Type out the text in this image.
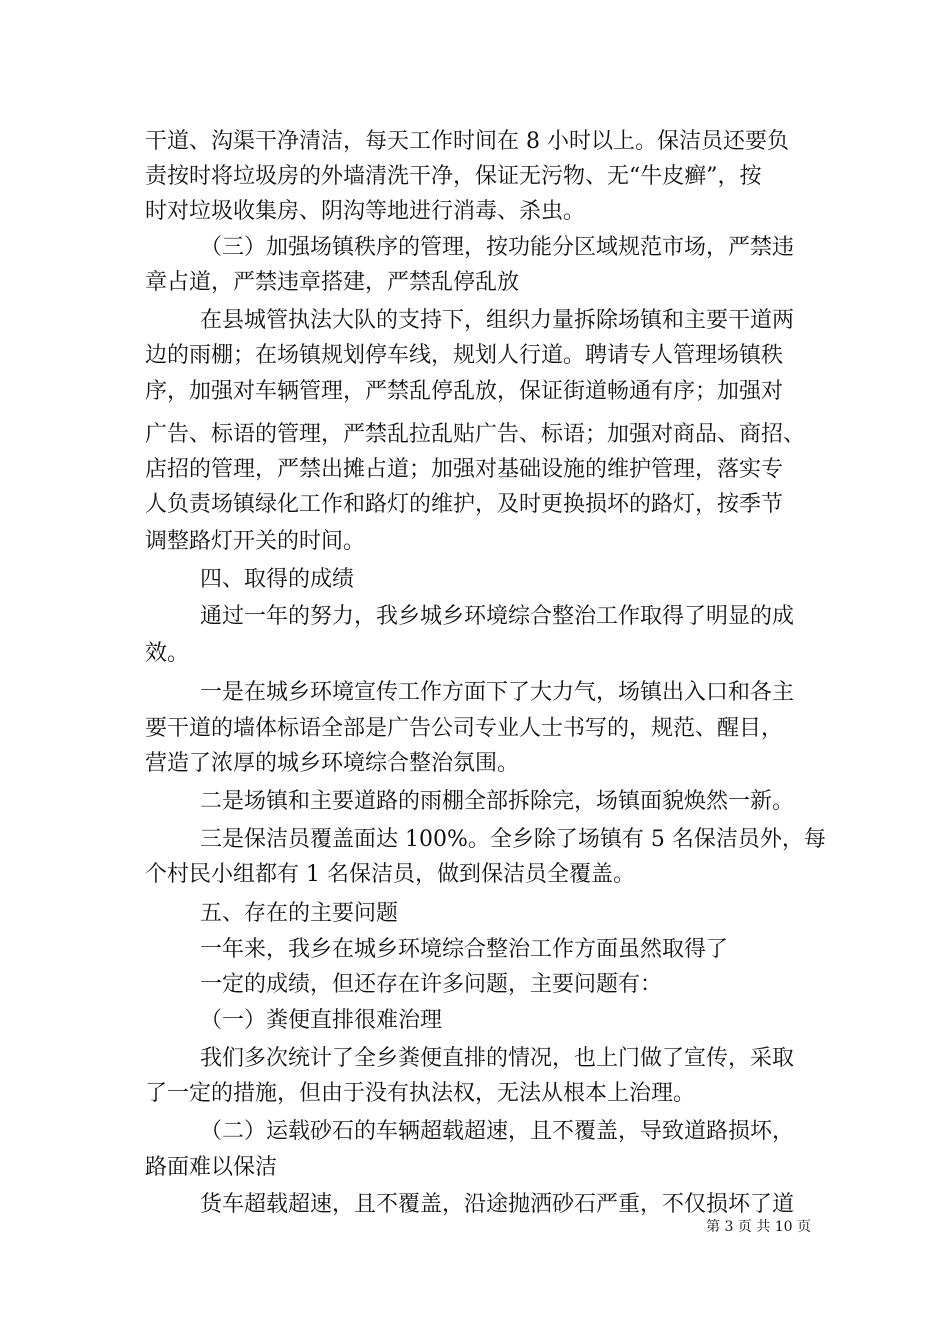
干道、沟渠干净清洁，每天工作时间在 8 小时以上。保洁员还要负
责按时将垃圾房的外墙清洗干净，保证无污物、无“牛皮癣”，按
时对垃圾收集房、阴沟等地进行消毒、杀虫。
（三）加强场镇秩序的管理，按功能分区域规范市场，严禁违
章占道，严禁违章搭建，严禁乱停乱放
在县城管执法大队的支持下，组织力量拆除场镇和主要干道两
边的雨棚；在场镇规划停车线，规划人行道。聘请专人管理场镇秩
序，加强对车辆管理，严禁乱停乱放，保证街道畅通有序；加强对
广告、标语的管理，严禁乱拉乱贴广告、标语；加强对商品、商招、
店招的管理，严禁出摊占道；加强对基础设施的维护管理，落实专
人负责场镇绿化工作和路灯的维护，及时更换损坏的路灯，按季节
调整路灯开关的时间。
四、取得的成绩
通过一年的努力，我乡城乡环境综合整治工作取得了明显的成
效。
一是在城乡环境宣传工作方面下了大力气，场镇出入口和各主
要干道的墙体标语全部是广告公司专业人士书写的，规范、醒目，
营造了浓厚的城乡环境综合整治氛围。
二是场镇和主要道路的雨棚全部拆除完，场镇面貌焕然一新。
三是保洁员覆盖面达 100%。全乡除了场镇有 5 名保洁员外，每
个村民小组都有 1 名保洁员，做到保洁员全覆盖。
五、存在的主要问题
一年来，我乡在城乡环境综合整治工作方面虽然取得了
一定的成绩，但还存在许多问题，主要问题有：
（一）粪便直排很难治理
我们多次统计了全乡粪便直排的情况，也上门做了宣传，采取
了一定的措施，但由于没有执法权，无法从根本上治理。
（二）运载砂石的车辆超载超速，且不覆盖，导致道路损坏，
路面难以保洁
货车超载超速，且不覆盖，沿途抛洒砂石严重，不仅损坏了道
第 3 页 共 10 页
